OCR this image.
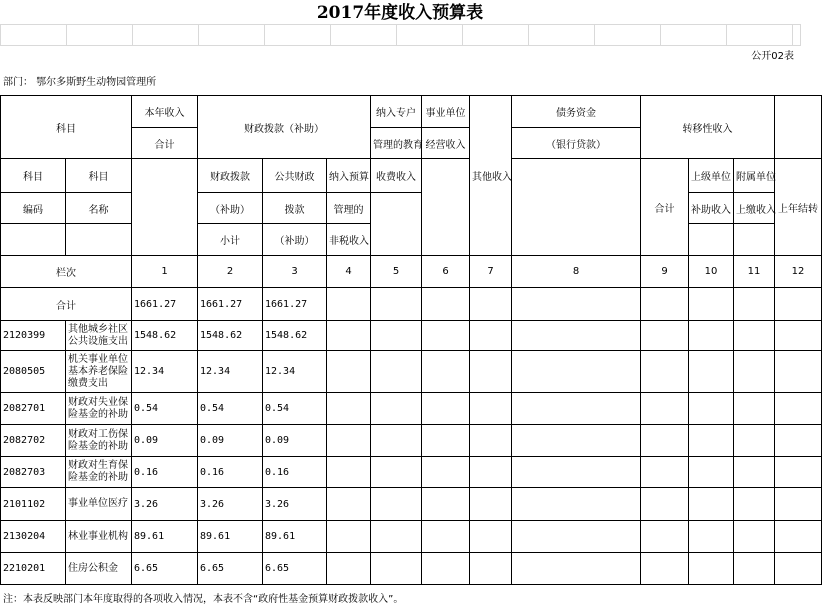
2017年度收入预算表

公开02表
部门： 鄂尔多斯野生动物园管理所
科目		本年收入	财政拨款（补助）			纳入专户	事业单位	其他收入	债务资金	转移性收入		
		合计				管理的教育	经营收入		（银行贷款）	
科目	科目		财政拨款	公共财政	纳入预算	收费收入				合计	上级单位	附属单位	上年结转	
编码	名称		（补助）	拨款	管理的						补助收入	上缴收入		
			小计	（补助）	非税收入									
栏次		1	2	3	4	5	6	7	8	9	10	11	12	
合计		1661.27	1661.27	1661.27										
2120399	其他城乡社区公共设施支出	1548.62	1548.62	1548.62										
2080505	机关事业单位基本养老保险缴费支出	12.34	12.34	12.34										
2082701	财政对失业保险基金的补助	0.54	0.54	0.54										
2082702	财政对工伤保险基金的补助	0.09	0.09	0.09										
2082703	财政对生育保险基金的补助	0.16	0.16	0.16										
2101102	事业单位医疗	3.26	3.26	3.26										
2130204	林业事业机构	89.61	89.61	89.61										
2210201	住房公积金	6.65	6.65	6.65										
注：本表反映部门本年度取得的各项收入情况，本表不含“政府性基金预算财政拨款收入”。
